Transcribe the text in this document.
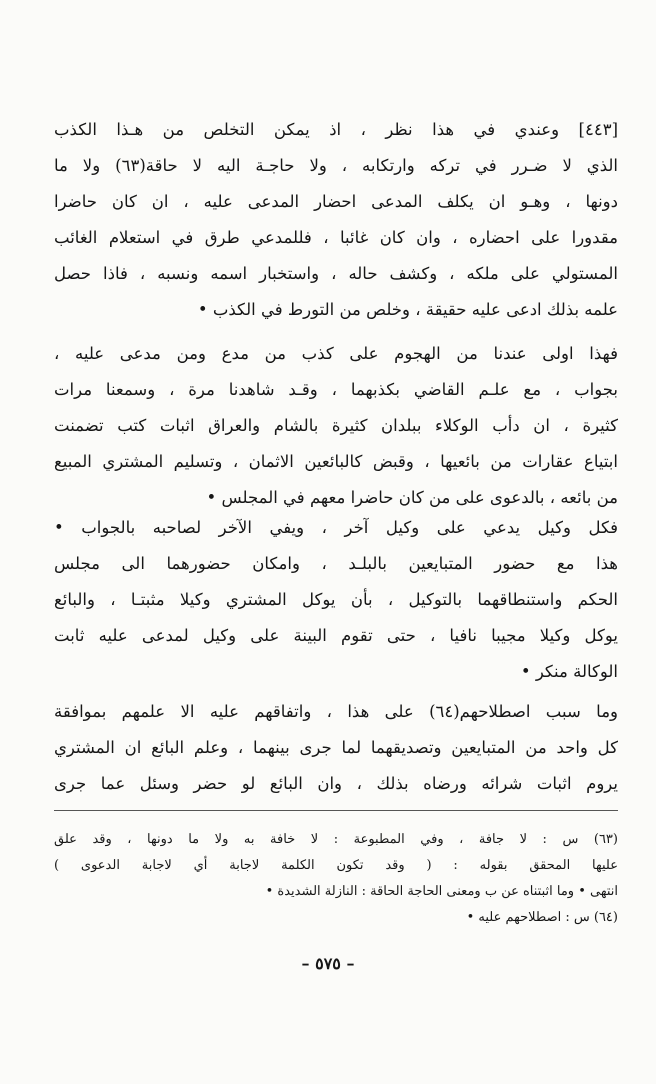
[٤٤٣] وعندي في هذا نظر ، اذ يمكن التخلص من هـذا الكذب
الذي لا ضـرر في تركه وارتكابه ، ولا حاجـة اليه لا حاقة(٦٣) ولا ما
دونها ، وهـو ان يكلف المدعى احضار المدعى عليه ، ان كان حاضرا
مقدورا على احضاره ، وان كان غائبا ، فللمدعي طرق في استعلام الغائب
المستولي على ملكه ، وكشف حاله ، واستخبار اسمه ونسبه ، فاذا حصل
علمه بذلك ادعى عليه حقيقة ، وخلص من التورط في الكذب •
فهذا اولى عندنا من الهجوم على كذب من مدع ومن مدعى عليه ،
بجواب ، مع علـم القاضي بكذبهما ، وقـد شاهدنا مرة ، وسمعنا مرات
كثيرة ، ان دأب الوكلاء ببلدان كثيرة بالشام والعراق اثبات كتب تضمنت
ابتياع عقارات من بائعيها ، وقبض كالبائعين الاثمان ، وتسليم المشتري المبيع
من بائعه ، بالدعوى على من كان حاضرا معهم في المجلس •
فكل وكيل يدعي على وكيل آخر ، ويفي الآخر لصاحبه بالجواب •
هذا مع حضور المتبايعين بالبلـد ، وامكان حضورهما الى مجلس
الحكم واستنطاقهما بالتوكيل ، بأن يوكل المشتري وكيلا مثبتـا ، والبائع
يوكل وكيلا مجيبا نافيا ، حتى تقوم البينة على وكيل لمدعى عليه ثابت
الوكالة منكر •
وما سبب اصطلاحهم(٦٤) على هذا ، واتفاقهم عليه الا علمهم بموافقة
كل واحد من المتبايعين وتصديقهما لما جرى بينهما ، وعلم البائع ان المشتري
يروم اثبات شرائه ورضاه بذلك ، وان البائع لو حضر وسئل عما جرى
(٦٣) س : لا جافة ، وفي المطبوعة : لا خافة به ولا ما دونها ، وقد علق
عليها المحقق بقوله : ( وقد تكون الكلمة لاجابة أي لاجابة الدعوى )
انتهى • وما اثبتناه عن ب ومعنى الحاجة الحاقة : النازلة الشديدة •
(٦٤) س : اصطلاحهم عليه •
– ٥٧٥ –
